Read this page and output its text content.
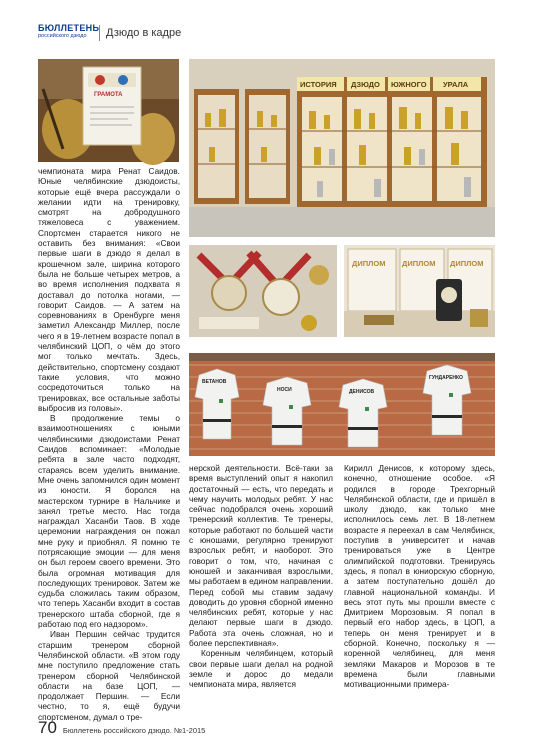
БЮЛЛЕТЕНЬ
российского дзюдо	Дзюдо в кадре
ГРАМОТА
ИСТОРИЯ ДЗЮДО ЮЖНОГО УРАЛА
ДИПЛОМ ДИПЛОМ ДИПЛОМ
ВЕТАНОВ
НОСИ	ДЕНИСОВ
ГУНДАРЕНКО

чемпионата мира Ренат Саидов. Юные челябинские дзюдоисты, которые ещё вчера рассуждали о желании идти на тренировку, смотрят на добродушного тяжеловеса с уважением. Спортсмен старается никого не оставить без внимания: «Свои первые шаги в дзюдо я делал в крошечном зале, ширина которого была не больше четырех метров, а во время исполнения подхвата я доставал до потолка ногами, — говорит Саидов. — А затем на соревнованиях в Оренбурге меня заметил Александр Миллер, после чего я в 19-летнем возрасте попал в челябинский ЦОП, о чём до этого мог только мечтать. Здесь, действительно, спортсмену создают такие условия, что можно сосредоточиться только на тренировках, все остальные заботы выбросив из головы».

В продолжение темы о взаимоотношениях с юными челябинскими дзюдоистами Ренат Саидов вспоминает: «Молодые ребята в зале часто подходят, стараясь всем уделить внимание. Мне очень запомнился один момент из юности. Я боролся на мастерском турнире в Нальчике и занял третье место. Нас тогда награждал Хасанби Таов. В ходе церемонии награждения он пожал мне руку и приобнял. Я помню те потрясающие эмоции — для меня он был героем своего времени. Это была огромная мотивация для последующих тренировок. Затем же судьба сложилась таким образом, что теперь Хасанби входит в состав тренерского штаба сборной, где я работаю под его надзором».

Иван Першин сейчас трудится старшим тренером сборной Челябинской области. «В этом году мне поступило предложение стать тренером сборной Челябинской области на базе ЦОП, — продолжает Першин. — Если честно, то я, ещё будучи спортсменом, думал о тре-

нерской деятельности. Всё-таки за время выступлений опыт я накопил достаточный — есть, что передать и чему научить молодых ребят. У нас сейчас подобрался очень хороший тренерский коллектив. Те тренеры, которые работают по большей части с юношами, регулярно тренируют взрослых ребят, и наоборот. Это говорит о том, что, начиная с юношей и заканчивая взрослыми, мы работаем в едином направлении. Перед собой мы ставим задачу доводить до уровня сборной именно челябинских ребят, которые у нас делают первые шаги в дзюдо. Работа эта очень сложная, но и более перспективная».

Коренным челябинцем, который свои первые шаги делал на родной земле и дорос до медали чемпионата мира, является

Кирилл Денисов, к которому здесь, конечно, отношение особое. «Я родился в городе Трехгорный Челябинской области, где и пришёл в школу дзюдо, как только мне исполнилось семь лет. В 18-летнем возрасте я переехал в сам Челябинск, поступив в университет и начав тренироваться уже в Центре олимпийской подготовки. Тренируясь здесь, я попал в юниорскую сборную, а затем поступательно дошёл до главной национальной команды. И весь этот путь мы прошли вместе с Дмитрием Морозовым. Я попал в первый его набор здесь, в ЦОП, а теперь он меня тренирует и в сборной. Конечно, поскольку я — коренной челябинец, для меня земляки Макаров и Морозов в те времена были главными мотивационными примера-

70 Бюллетень российского дзюдо. №1-2015
